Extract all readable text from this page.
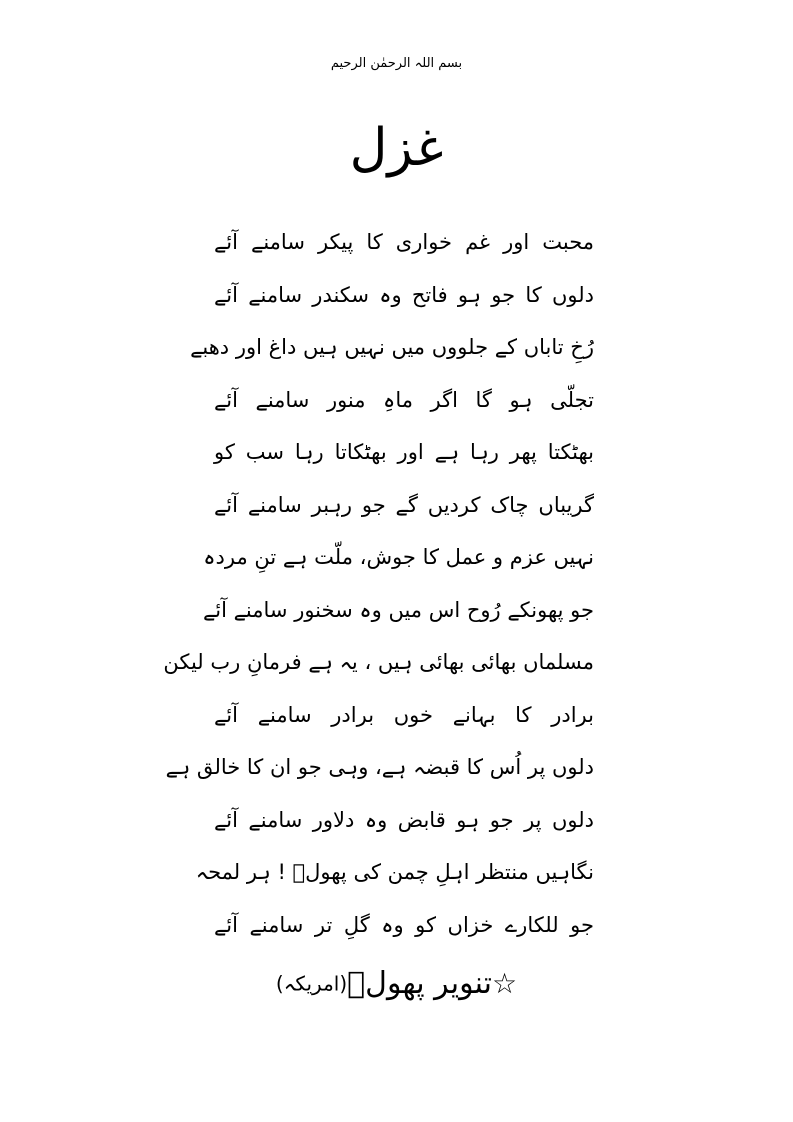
بسم اللہ الرحمٰن الرحیم
غزل
محبت اور غم خواری کا پیکر سامنے آئے
دلوں کا جو ہو فاتح وہ سکندر سامنے آئے
رُخِ تاباں کے جلووں میں نہیں ہیں داغ اور دھبے
تجلّی ہو گا اگر ماہِ منور سامنے آئے
بھٹکتا پھر رہا ہے اور بھٹکاتا رہا سب کو
گریباں چاک کردیں گے جو رہبر سامنے آئے
نہیں عزم و عمل کا جوش، ملّت ہے تنِ مردہ
جو پھونکے رُوح اس میں وہ سخنور سامنے آئے
مسلماں بھائی بھائی ہیں ، یہ ہے فرمانِ رب لیکن
برادر کا بہانے خوں برادر سامنے آئے
دلوں پر اُس کا قبضہ ہے، وہی جو ان کا خالق ہے
دلوں پر جو ہو قابض وہ دلاور سامنے آئے
نگاہیں منتظر اہلِ چمن کی پھولؔ ! ہر لمحہ
جو للکارے خزاں کو وہ گلِ تر سامنے آئے
☆تنویر پھولؔ(امریکہ)
